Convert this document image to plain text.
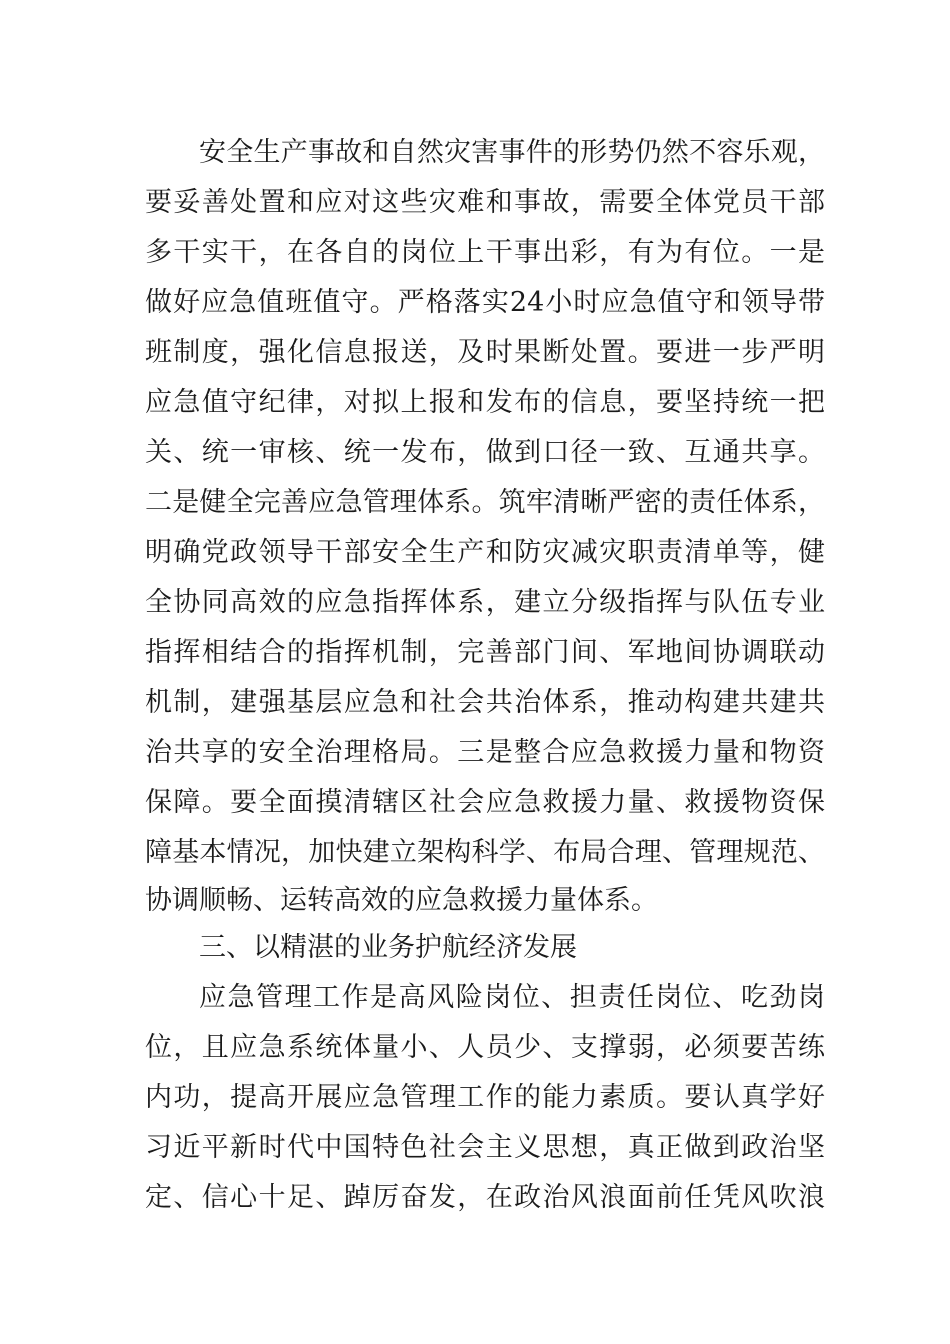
安全生产事故和自然灾害事件的形势仍然不容乐观，
要妥善处置和应对这些灾难和事故，需要全体党员干部
多干实干，在各自的岗位上干事出彩，有为有位。一是
做好应急值班值守。严格落实24小时应急值守和领导带
班制度，强化信息报送，及时果断处置。要进一步严明
应急值守纪律，对拟上报和发布的信息，要坚持统一把
关、统一审核、统一发布，做到口径一致、互通共享。
二是健全完善应急管理体系。筑牢清晰严密的责任体系，
明确党政领导干部安全生产和防灾减灾职责清单等，健
全协同高效的应急指挥体系，建立分级指挥与队伍专业
指挥相结合的指挥机制，完善部门间、军地间协调联动
机制，建强基层应急和社会共治体系，推动构建共建共
治共享的安全治理格局。三是整合应急救援力量和物资
保障。要全面摸清辖区社会应急救援力量、救援物资保
障基本情况，加快建立架构科学、布局合理、管理规范、
协调顺畅、运转高效的应急救援力量体系。
三、以精湛的业务护航经济发展
应急管理工作是高风险岗位、担责任岗位、吃劲岗
位，且应急系统体量小、人员少、支撑弱，必须要苦练
内功，提高开展应急管理工作的能力素质。要认真学好
习近平新时代中国特色社会主义思想，真正做到政治坚
定、信心十足、踔厉奋发，在政治风浪面前任凭风吹浪
